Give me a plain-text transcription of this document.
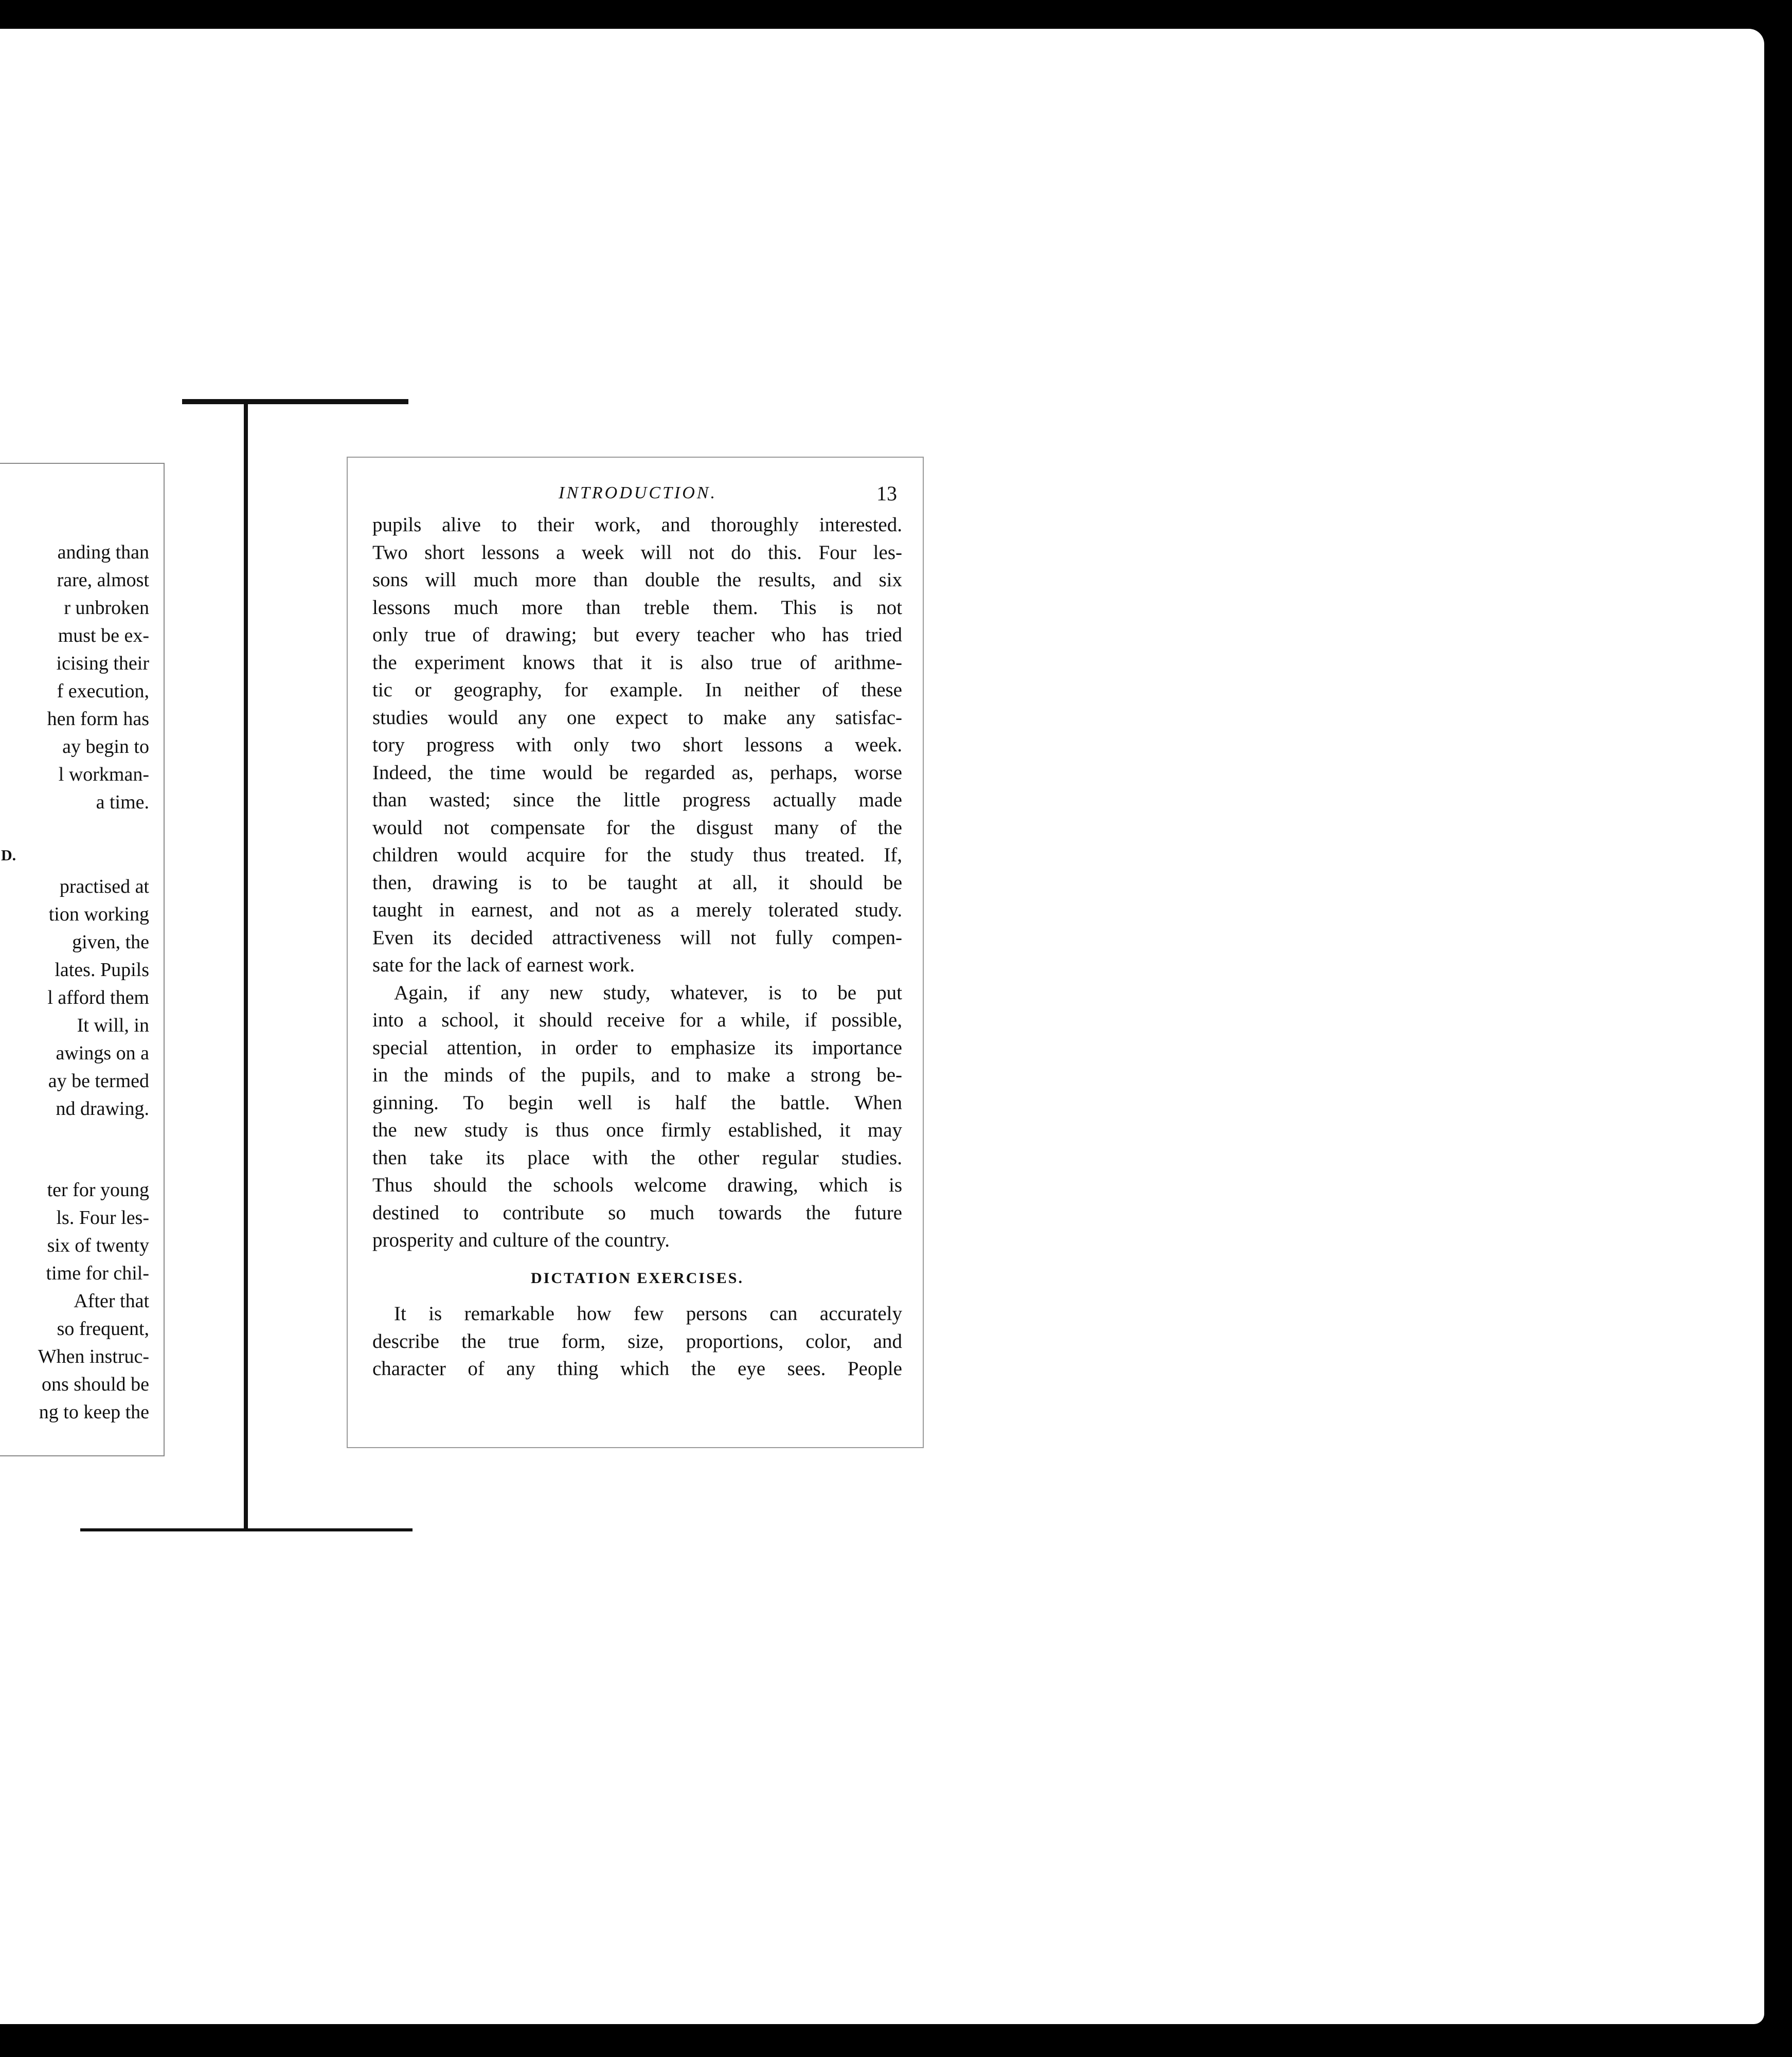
anding than
rare, almost
r unbroken
must be ex-
icising their
f execution,
hen form has
ay begin to
l workman-
a time.
D.
practised at
tion working
given, the
lates. Pupils
l afford them
It will, in
awings on a
ay be termed
nd drawing.
ter for young
ls. Four les-
six of twenty
time for chil-
After that
so frequent,
When instruc-
ons should be
ng to keep the
INTRODUCTION.	13
pupils alive to their work, and thoroughly interested.
Two short lessons a week will not do this. Four les-
sons will much more than double the results, and six
lessons much more than treble them. This is not
only true of drawing; but every teacher who has tried
the experiment knows that it is also true of arithme-
tic or geography, for example. In neither of these
studies would any one expect to make any satisfac-
tory progress with only two short lessons a week.
Indeed, the time would be regarded as, perhaps, worse
than wasted; since the little progress actually made
would not compensate for the disgust many of the
children would acquire for the study thus treated. If,
then, drawing is to be taught at all, it should be
taught in earnest, and not as a merely tolerated study.
Even its decided attractiveness will not fully compen-
sate for the lack of earnest work.
Again, if any new study, whatever, is to be put
into a school, it should receive for a while, if possible,
special attention, in order to emphasize its importance
in the minds of the pupils, and to make a strong be-
ginning. To begin well is half the battle. When
the new study is thus once firmly established, it may
then take its place with the other regular studies.
Thus should the schools welcome drawing, which is
destined to contribute so much towards the future
prosperity and culture of the country.
DICTATION EXERCISES.
It is remarkable how few persons can accurately
describe the true form, size, proportions, color, and
character of any thing which the eye sees. People
